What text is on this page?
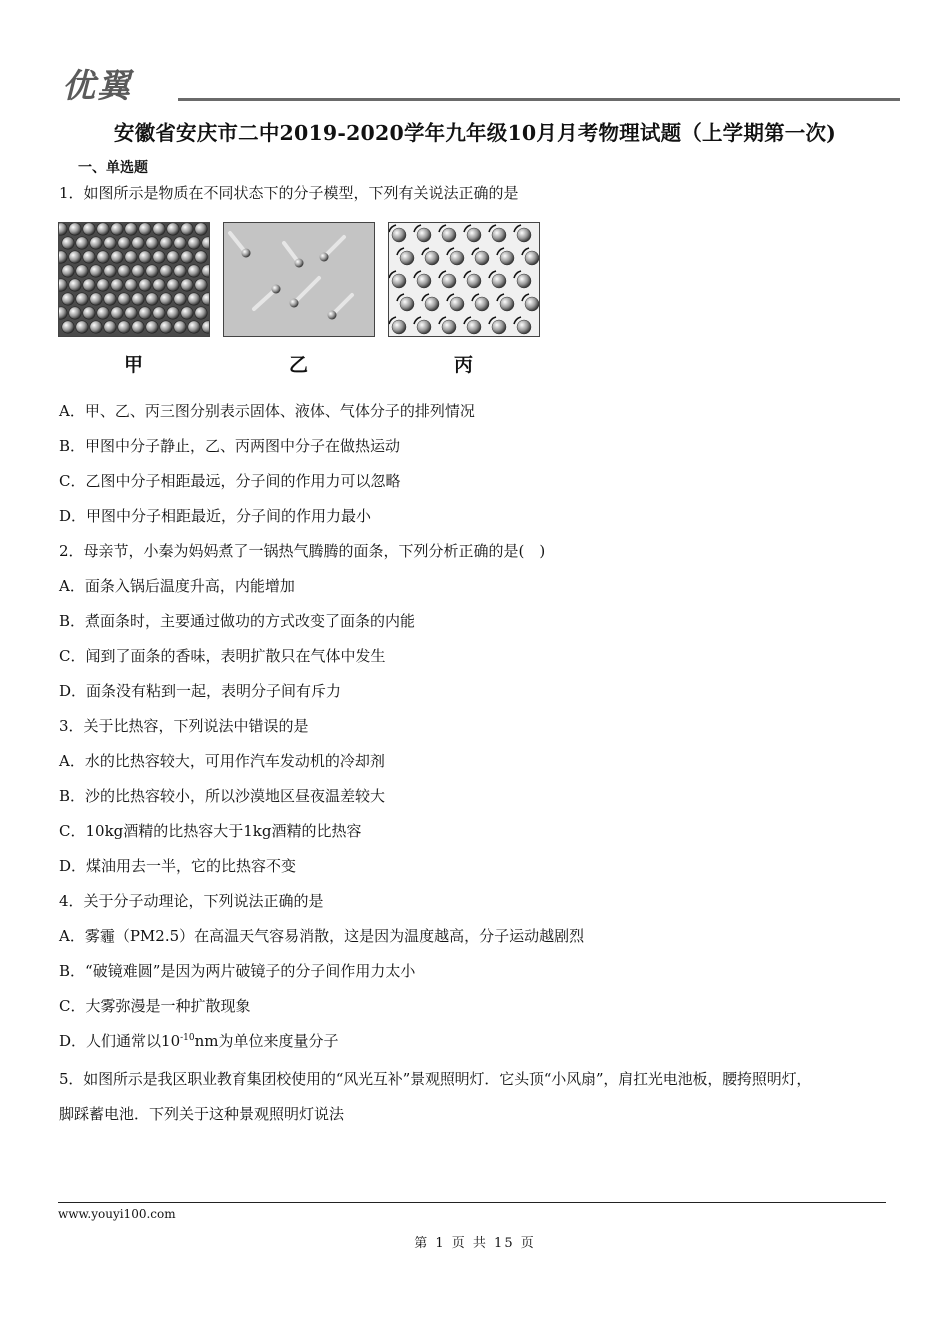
优翼
安徽省安庆市二中2019-2020学年九年级10月月考物理试题（上学期第一次)
一、单选题
1．如图所示是物质在不同状态下的分子模型，下列有关说法正确的是
甲	乙	丙
A．甲、乙、丙三图分别表示固体、液体、气体分子的排列情况
B．甲图中分子静止，乙、丙两图中分子在做热运动
C．乙图中分子相距最远，分子间的作用力可以忽略
D．甲图中分子相距最近，分子间的作用力最小
2．母亲节，小秦为妈妈煮了一锅热气腾腾的面条，下列分析正确的是(　)
A．面条入锅后温度升高，内能增加
B．煮面条时，主要通过做功的方式改变了面条的内能
C．闻到了面条的香味，表明扩散只在气体中发生
D．面条没有粘到一起，表明分子间有斥力
3．关于比热容，下列说法中错误的是
A．水的比热容较大，可用作汽车发动机的冷却剂
B．沙的比热容较小，所以沙漠地区昼夜温差较大
C．10kg酒精的比热容大于1kg酒精的比热容
D．煤油用去一半，它的比热容不变
4．关于分子动理论，下列说法正确的是
A．雾霾（PM2.5）在高温天气容易消散，这是因为温度越高，分子运动越剧烈
B．“破镜难圆”是因为两片破镜子的分子间作用力太小
C．大雾弥漫是一种扩散现象
D．人们通常以$10^{-10}nm$为单位来度量分子
5．如图所示是我区职业教育集团校使用的“风光互补”景观照明灯．它头顶“小风扇”，肩扛光电池板，腰挎照明灯，
脚踩蓄电池．下列关于这种景观照明灯说法
www.youyi100.com
第 1 页 共 15 页
